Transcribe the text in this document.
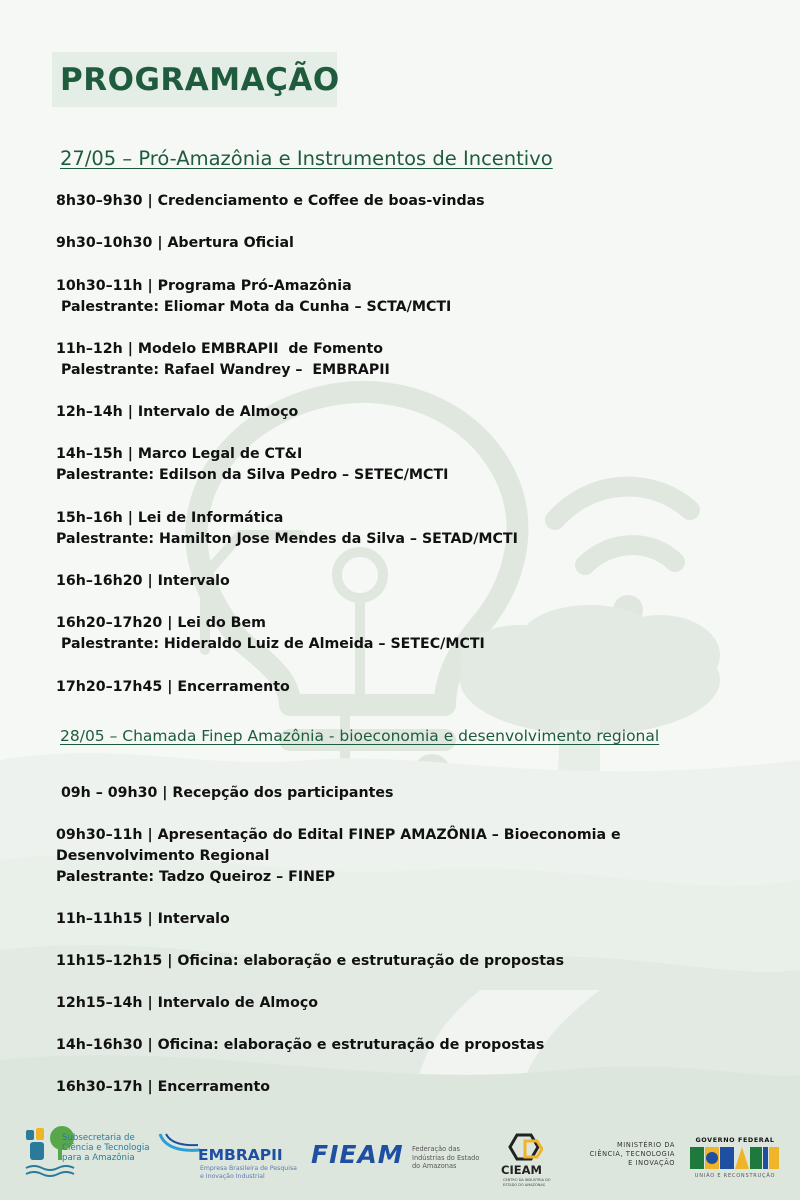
PROGRAMAÇÃO
27/05 – Pró-Amazônia e Instrumentos de Incentivo
8h30–9h30 | Credenciamento e Coffee de boas-vindas
9h30–10h30 | Abertura Oficial
10h30–11h | Programa Pró-Amazônia
Palestrante: Eliomar Mota da Cunha – SCTA/MCTI
11h–12h | Modelo EMBRAPII  de Fomento
Palestrante: Rafael Wandrey –  EMBRAPII
12h–14h | Intervalo de Almoço
14h–15h | Marco Legal de CT&I
Palestrante: Edilson da Silva Pedro – SETEC/MCTI
15h–16h | Lei de Informática
Palestrante: Hamilton Jose Mendes da Silva – SETAD/MCTI
16h–16h20 | Intervalo
16h20–17h20 | Lei do Bem
Palestrante: Hideraldo Luiz de Almeida – SETEC/MCTI
17h20–17h45 | Encerramento
28/05 – Chamada Finep Amazônia - bioeconomia e desenvolvimento regional
09h – 09h30 | Recepção dos participantes
09h30–11h | Apresentação do Edital FINEP AMAZÔNIA – Bioeconomia e
Desenvolvimento Regional
Palestrante: Tadzo Queiroz – FINEP
11h–11h15 | Intervalo
11h15–12h15 | Oficina: elaboração e estruturação de propostas
12h15–14h | Intervalo de Almoço
14h–16h30 | Oficina: elaboração e estruturação de propostas
16h30–17h | Encerramento
Subsecretaria de
Ciência e Tecnologia
para a Amazônia	EMBRAPII
Empresa Brasileira de Pesquisa
e Inovação Industrial
FIEAM Federação das
Indústrias do Estado
do Amazonas	CIEAM
CENTRO DA INDÚSTRIA DO
ESTADO DO AMAZONAS
MINISTÉRIO DA
CIÊNCIA, TECNOLOGIA
E INOVAÇÃO
GOVERNO FEDERAL
UNIÃO E RECONSTRUÇÃO
